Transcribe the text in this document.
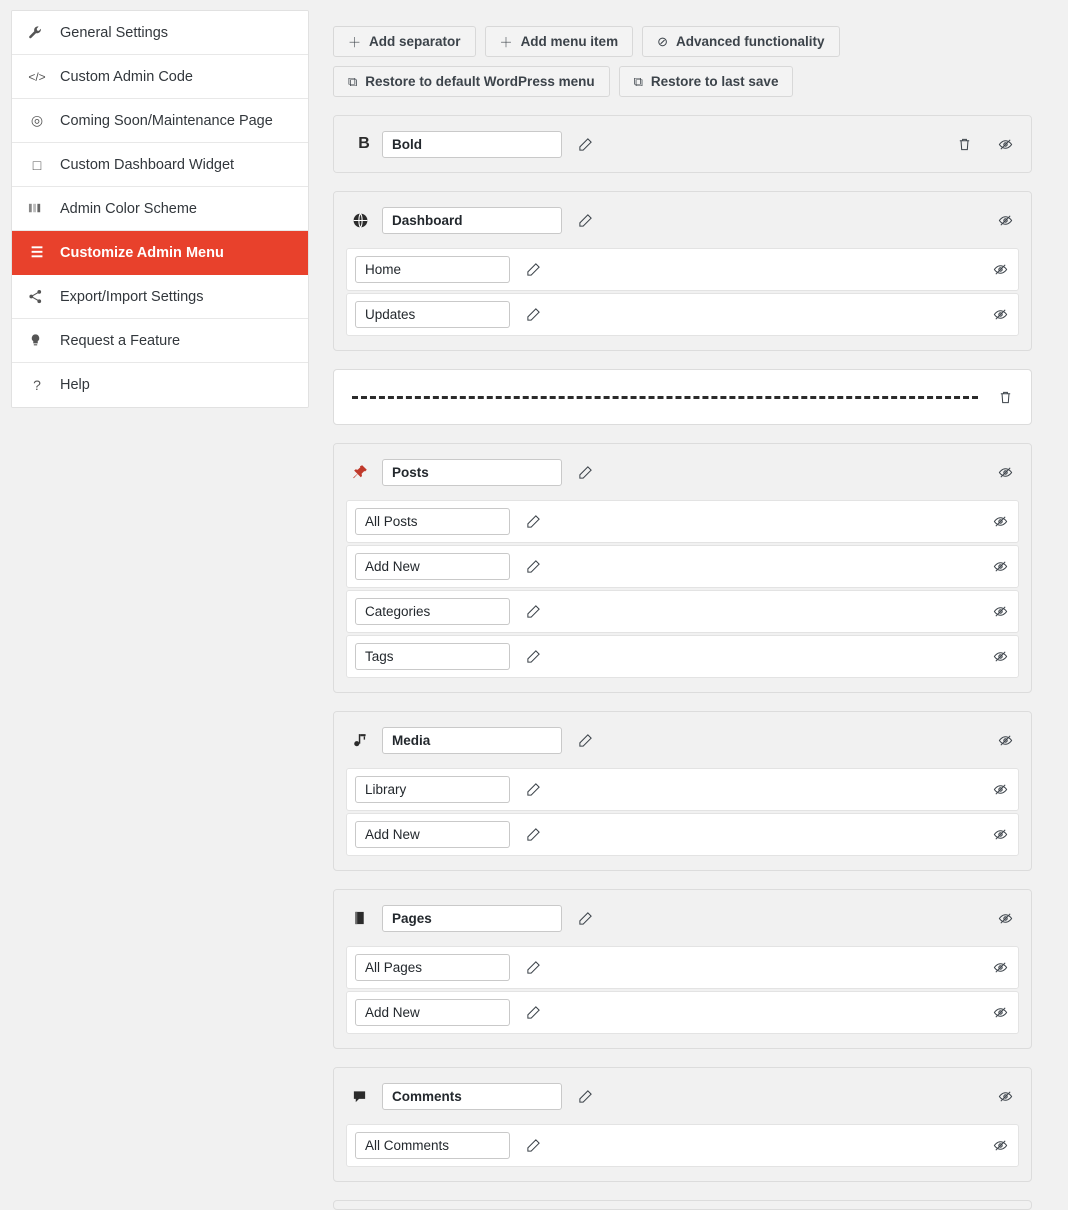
General Settings
</> Custom Admin Code
◎ Coming Soon/Maintenance Page
□	Custom Dashboard Widget
Admin Color Scheme
☰ Customize Admin Menu
Export/Import Settings
Request a Feature
?	Help
＋ Add separator	＋ Add menu item	⊘ Advanced functionality
⧉ Restore to default WordPress menu	⧉ Restore to last save
B	Bold
Dashboard
Home
Updates
Posts
All Posts
Add New
Categories
Tags
Media
Library
Add New
Pages
All Pages
Add New
Comments
All Comments
